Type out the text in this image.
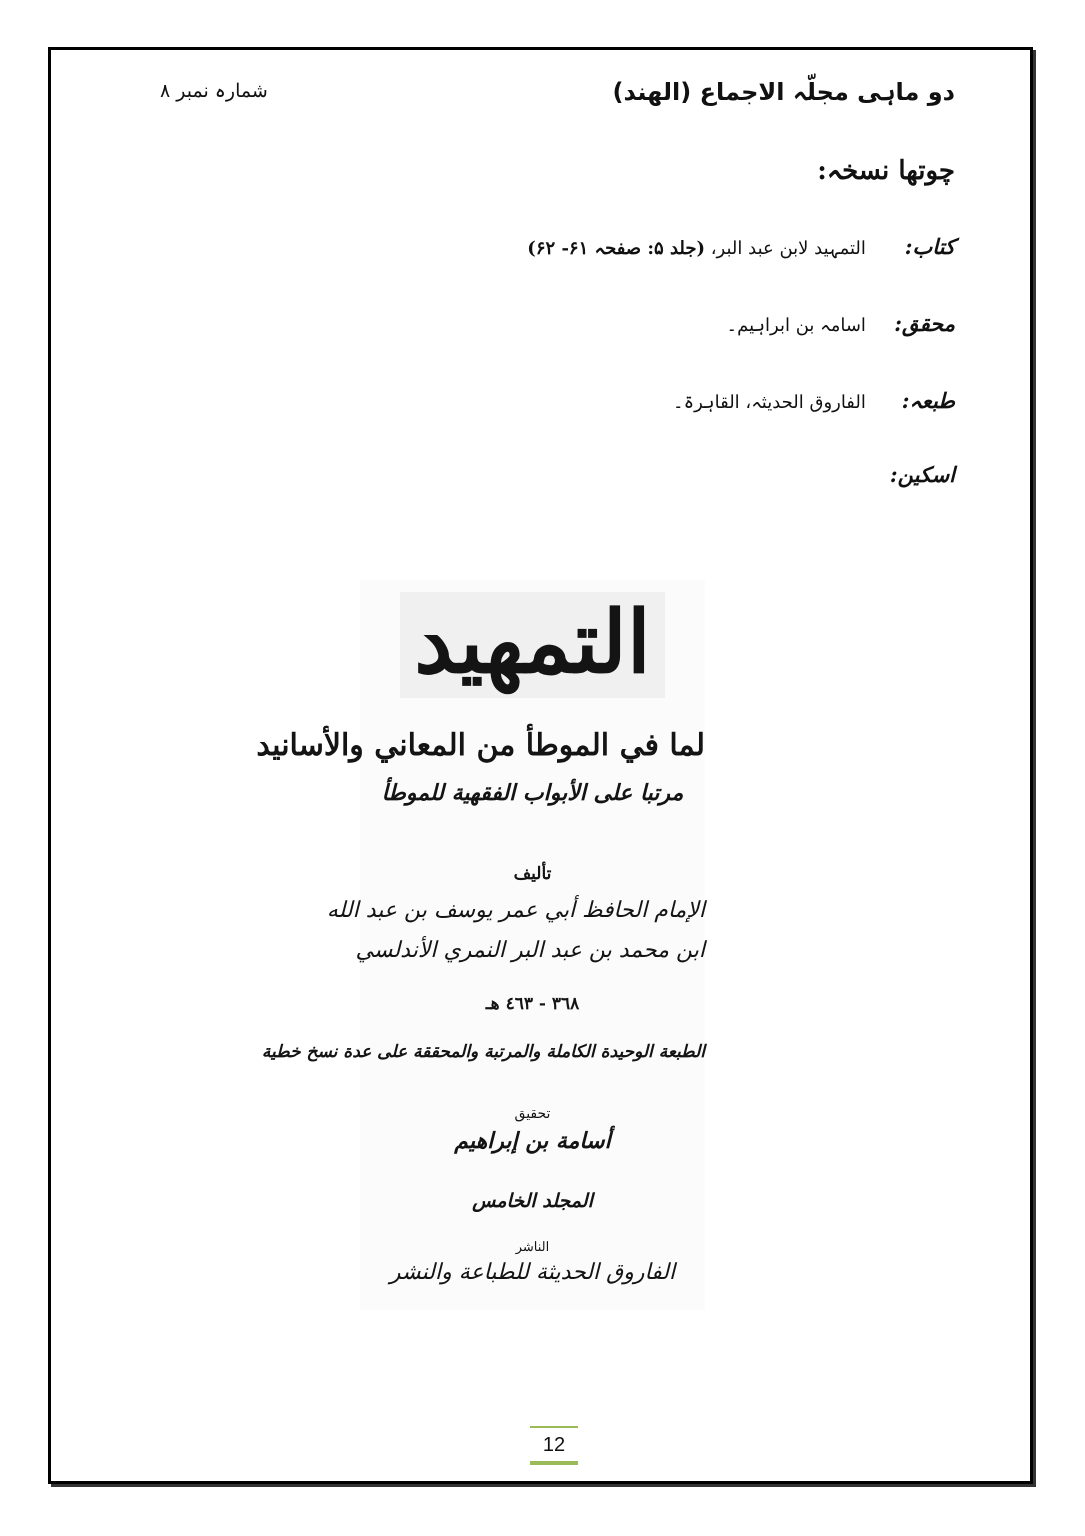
دو ماہی مجلّہ الاجماع (الھند)
شمارہ نمبر ۸
چوتھا نسخہ:
کتاب: التمہید لابن عبد البر، (جلد ۵: صفحہ ۶۱- ۶۲)
محقق: اسامہ بن ابراہیم۔
طبعہ: الفاروق الحدیثہ، القاہرۃ۔
اسکین:
التمهيد
لما في الموطأ من المعاني والأسانيد
مرتبا على الأبواب الفقهية للموطأ
تأليف
الإمام الحافظ أبي عمر يوسف بن عبد الله
ابن محمد بن عبد البر النمري الأندلسي
٣٦٨ - ٤٦٣ هـ
الطبعة الوحيدة الكاملة والمرتبة والمحققة على عدة نسخ خطية
تحقيق
أسامة بن إبراهيم
المجلد الخامس
الناشر
الفاروق الحديثة للطباعة والنشر
12
